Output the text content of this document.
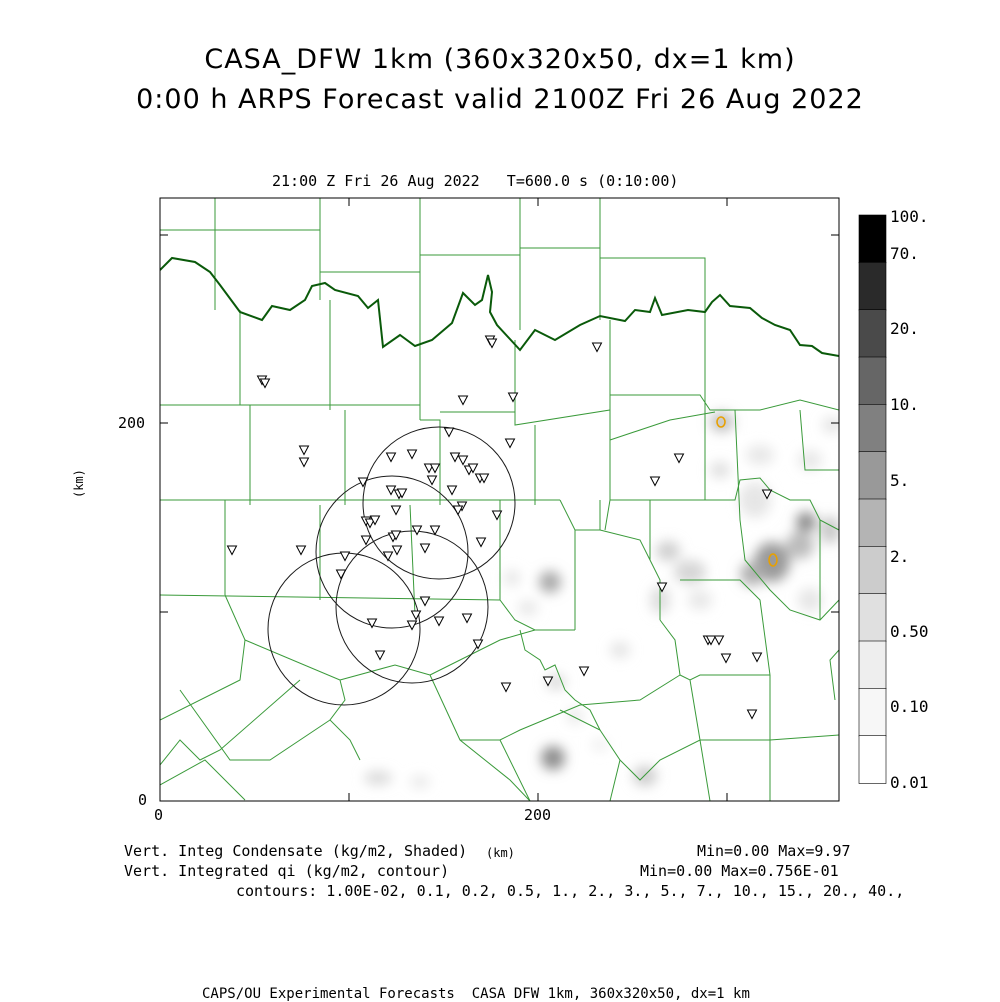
CASA_DFW 1km (360x320x50, dx=1 km)
0:00 h ARPS Forecast valid 2100Z Fri 26 Aug 2022
21:00 Z Fri 26 Aug 2022   T=600.0 s (0:10:00)
200
0
0	200
(km)
(km)
100.
70.
20.
10.
5.
2.
0.50
0.10
0.01
Vert. Integ Condensate (kg/m2, Shaded)	Min=0.00 Max=9.97
Vert. Integrated qi (kg/m2, contour)	Min=0.00 Max=0.756E-01
contours: 1.00E-02, 0.1, 0.2, 0.5, 1., 2., 3., 5., 7., 10., 15., 20., 40.,
CAPS/OU Experimental Forecasts  CASA DFW 1km, 360x320x50, dx=1 km
